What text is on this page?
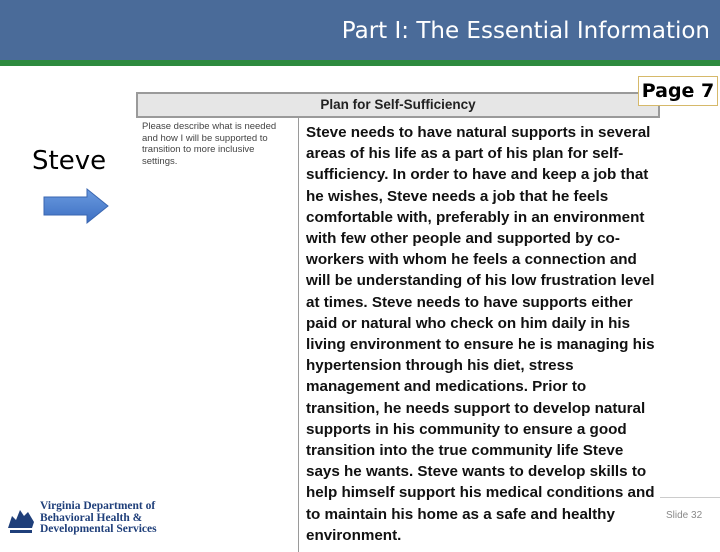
Part I: The Essential Information
Page 7
Steve
Plan for Self-Sufficiency
Please describe what is needed and how I will be supported to transition to more inclusive settings.
Steve needs to have natural supports in several areas of his life as a part of his plan for self-sufficiency. In order to have and keep a job that he wishes, Steve needs a job that he feels comfortable with, preferably in an environment with few other people and supported by co-workers with whom he feels a connection and will be understanding of his low frustration level at times. Steve needs to have supports either paid or natural who check on him daily in his living environment to ensure he is managing his hypertension through his diet, stress management and medications. Prior to transition, he needs support to develop natural supports in his community to ensure a good transition into the true community life Steve says he wants. Steve wants to develop skills to help himself support his medical conditions and to maintain his home as a safe and healthy environment.
Virginia Department of
Behavioral Health &
Developmental Services
Slide 32
